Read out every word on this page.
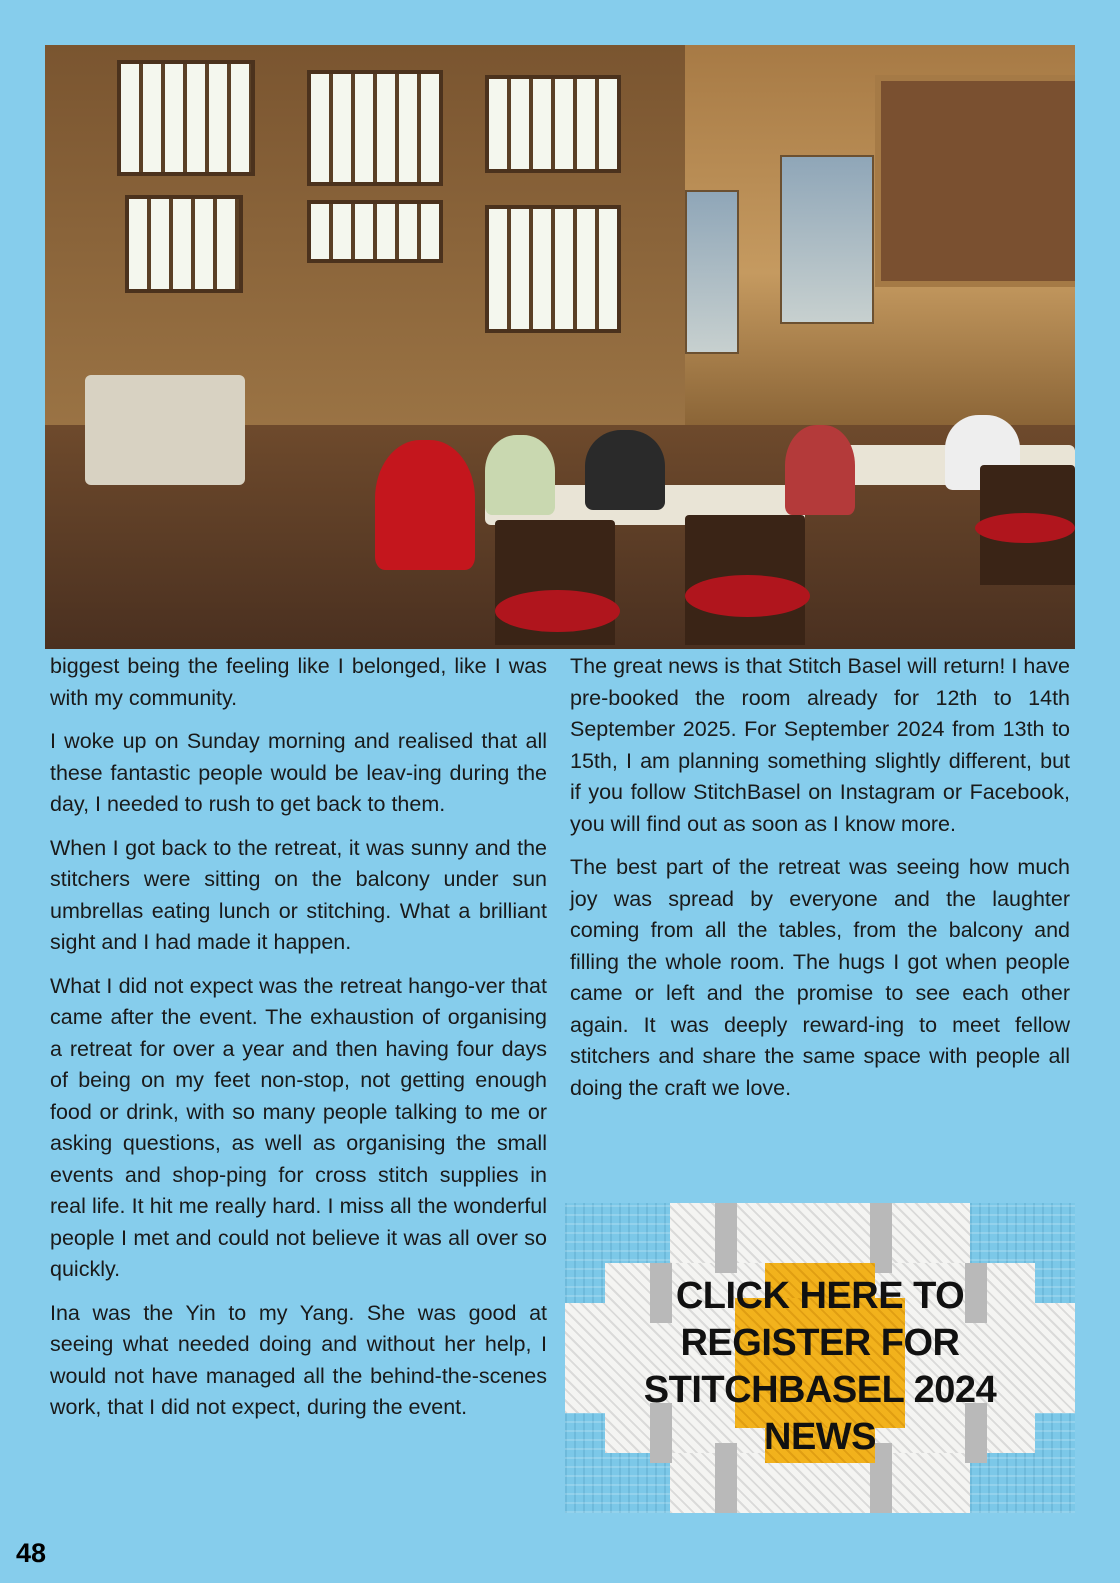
biggest being the feeling like I belonged, like I was with my community.

I woke up on Sunday morning and realised that all these fantastic people would be leav-ing during the day, I needed to rush to get back to them.

When I got back to the retreat, it was sunny and the stitchers were sitting on the balcony under sun umbrellas eating lunch or stitching. What a brilliant sight and I had made it happen.

What I did not expect was the retreat hango-ver that came after the event. The exhaustion of organising a retreat for over a year and then having four days of being on my feet non-stop, not getting enough food or drink, with so many people talking to me or asking questions, as well as organising the small events and shop-ping for cross stitch supplies in real life. It hit me really hard. I miss all the wonderful people I met and could not believe it was all over so quickly.

Ina was the Yin to my Yang. She was good at seeing what needed doing and without her help, I would not have managed all the behind-the-scenes work, that I did not expect, during the event.

The great news is that Stitch Basel will return! I have pre-booked the room already for 12th to 14th September 2025. For September 2024 from 13th to 15th, I am planning something slightly different, but if you follow StitchBasel on Instagram or Facebook, you will find out as soon as I know more.

The best part of the retreat was seeing how much joy was spread by everyone and the laughter coming from all the tables, from the balcony and filling the whole room. The hugs I got when people came or left and the promise to see each other again. It was deeply reward-ing to meet fellow stitchers and share the same space with people all doing the craft we love.

CLICK HERE TO
REGISTER FOR
STITCHBASEL 2024
NEWS
48
